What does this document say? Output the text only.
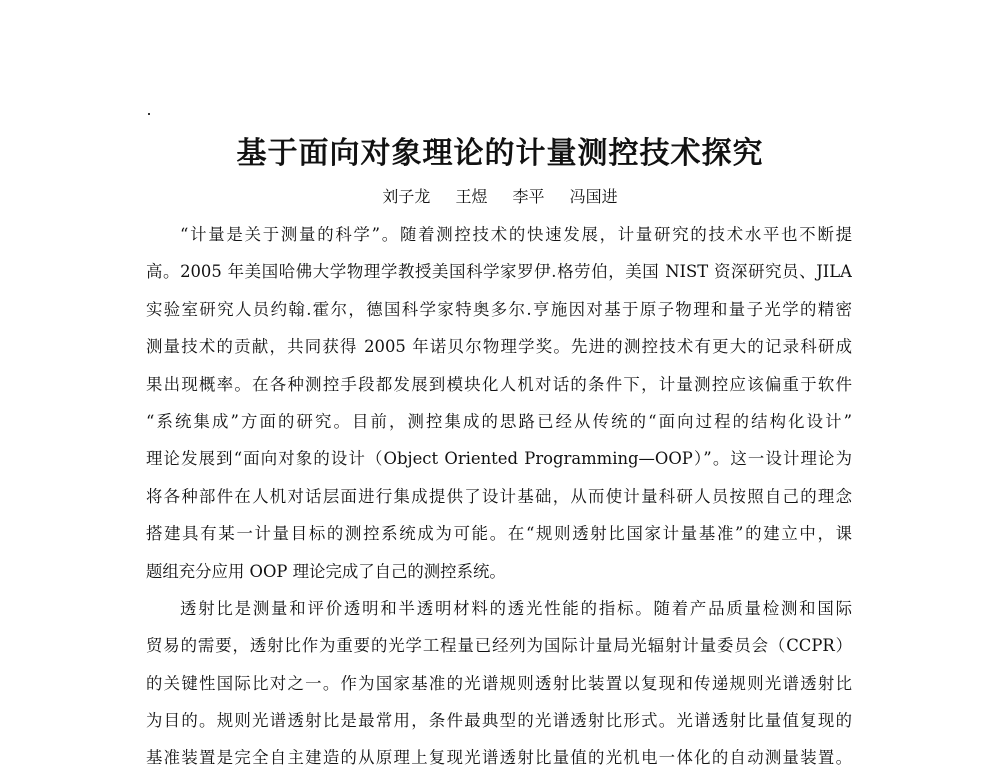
基于面向对象理论的计量测控技术探究
刘子龙 王煜 李平 冯国进
“计量是关于测量的科学”。随着测控技术的快速发展，计量研究的技术水平也不断提
高。2005 年美国哈佛大学物理学教授美国科学家罗伊.格劳伯，美国 NIST 资深研究员、JILA
实验室研究人员约翰.霍尔，德国科学家特奥多尔.亨施因对基于原子物理和量子光学的精密
测量技术的贡献，共同获得 2005 年诺贝尔物理学奖。先进的测控技术有更大的记录科研成
果出现概率。在各种测控手段都发展到模块化人机对话的条件下，计量测控应该偏重于软件
“系统集成”方面的研究。目前，测控集成的思路已经从传统的“面向过程的结构化设计”
理论发展到“面向对象的设计（Object Oriented Programming—OOP）”。这一设计理论为
将各种部件在人机对话层面进行集成提供了设计基础，从而使计量科研人员按照自己的理念
搭建具有某一计量目标的测控系统成为可能。在“规则透射比国家计量基准”的建立中，课
题组充分应用 OOP 理论完成了自己的测控系统。
透射比是测量和评价透明和半透明材料的透光性能的指标。随着产品质量检测和国际
贸易的需要，透射比作为重要的光学工程量已经列为国际计量局光辐射计量委员会（CCPR）
的关键性国际比对之一。作为国家基准的光谱规则透射比装置以复现和传递规则光谱透射比
为目的。规则光谱透射比是最常用，条件最典型的光谱透射比形式。光谱透射比量值复现的
基准装置是完全自主建造的从原理上复现光谱透射比量值的光机电一体化的自动测量装置。
